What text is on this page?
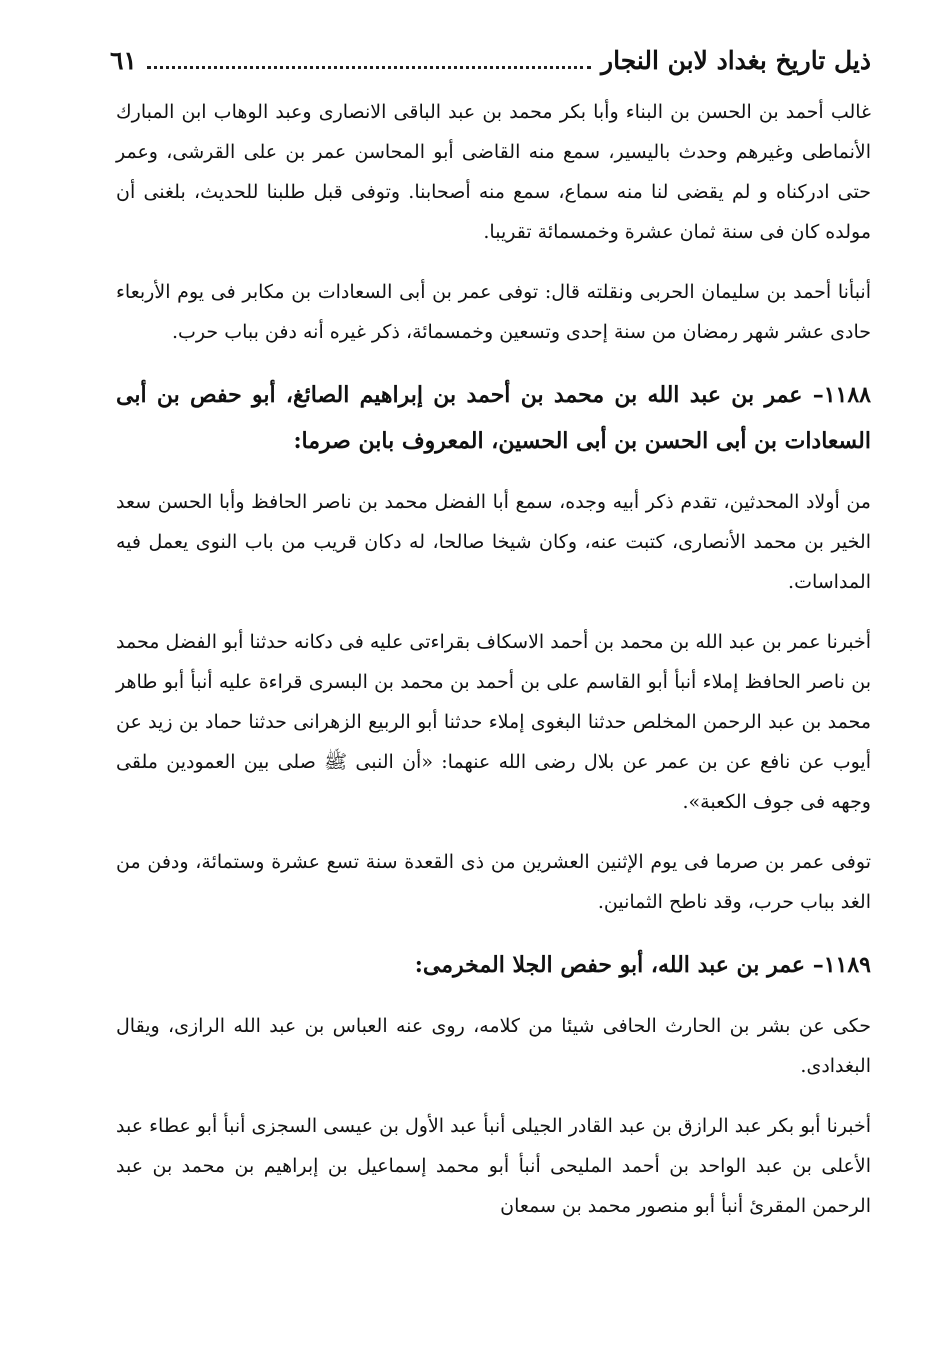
ذيل تاريخ بغداد لابن النجار
٦١

غالب أحمد بن الحسن بن البناء وأبا بكر محمد بن عبد الباقى الانصارى وعبد الوهاب ابن المبارك الأنماطى وغيرهم وحدث باليسير، سمع منه القاضى أبو المحاسن عمر بن على القرشى، وعمر حتى ادركناه و لم يقضى لنا منه سماع، سمع منه أصحابنا. وتوفى قبل طلبنا للحديث، بلغنى أن مولده كان فى سنة ثمان عشرة وخمسمائة تقريبا.

أنبأنا أحمد بن سليمان الحربى ونقلته قال: توفى عمر بن أبى السعادات بن مكابر فى يوم الأربعاء حادى عشر شهر رمضان من سنة إحدى وتسعين وخمسمائة، ذكر غيره أنه دفن بباب حرب.

١١٨٨– عمر بن عبد الله بن محمد بن أحمد بن إبراهيم الصائغ، أبو حفص بن أبى السعادات بن أبى الحسن بن أبى الحسين، المعروف بابن صرما:

من أولاد المحدثين، تقدم ذكر أبيه وجده، سمع أبا الفضل محمد بن ناصر الحافظ وأبا الحسن سعد الخير بن محمد الأنصارى، كتبت عنه، وكان شيخا صالحا، له دكان قريب من باب النوى يعمل فيه المداسات.

أخبرنا عمر بن عبد الله بن محمد بن أحمد الاسكاف بقراءتى عليه فى دكانه حدثنا أبو الفضل محمد بن ناصر الحافظ إملاء أنبأ أبو القاسم على بن أحمد بن محمد بن البسرى قراءة عليه أنبأ أبو طاهر محمد بن عبد الرحمن المخلص حدثنا البغوى إملاء حدثنا أبو الربيع الزهرانى حدثنا حماد بن زيد عن أيوب عن نافع عن بن عمر عن بلال رضى الله عنهما: «أن النبى ﷺ صلى بين العمودين ملقى وجهه فى جوف الكعبة».

توفى عمر بن صرما فى يوم الإثنين العشرين من ذى القعدة سنة تسع عشرة وستمائة، ودفن من الغد بباب حرب، وقد ناطح الثمانين.

١١٨٩– عمر بن عبد الله، أبو حفص الجلا المخرمى:

حكى عن بشر بن الحارث الحافى شيئا من كلامه، روى عنه العباس بن عبد الله الرازى، ويقال البغدادى.

أخبرنا أبو بكر عبد الرازق بن عبد القادر الجيلى أنبأ عبد الأول بن عيسى السجزى أنبأ أبو عطاء عبد الأعلى بن عبد الواحد بن أحمد المليحى أنبأ أبو محمد إسماعيل بن إبراهيم بن محمد بن عبد الرحمن المقرئ أنبأ أبو منصور محمد بن سمعان
